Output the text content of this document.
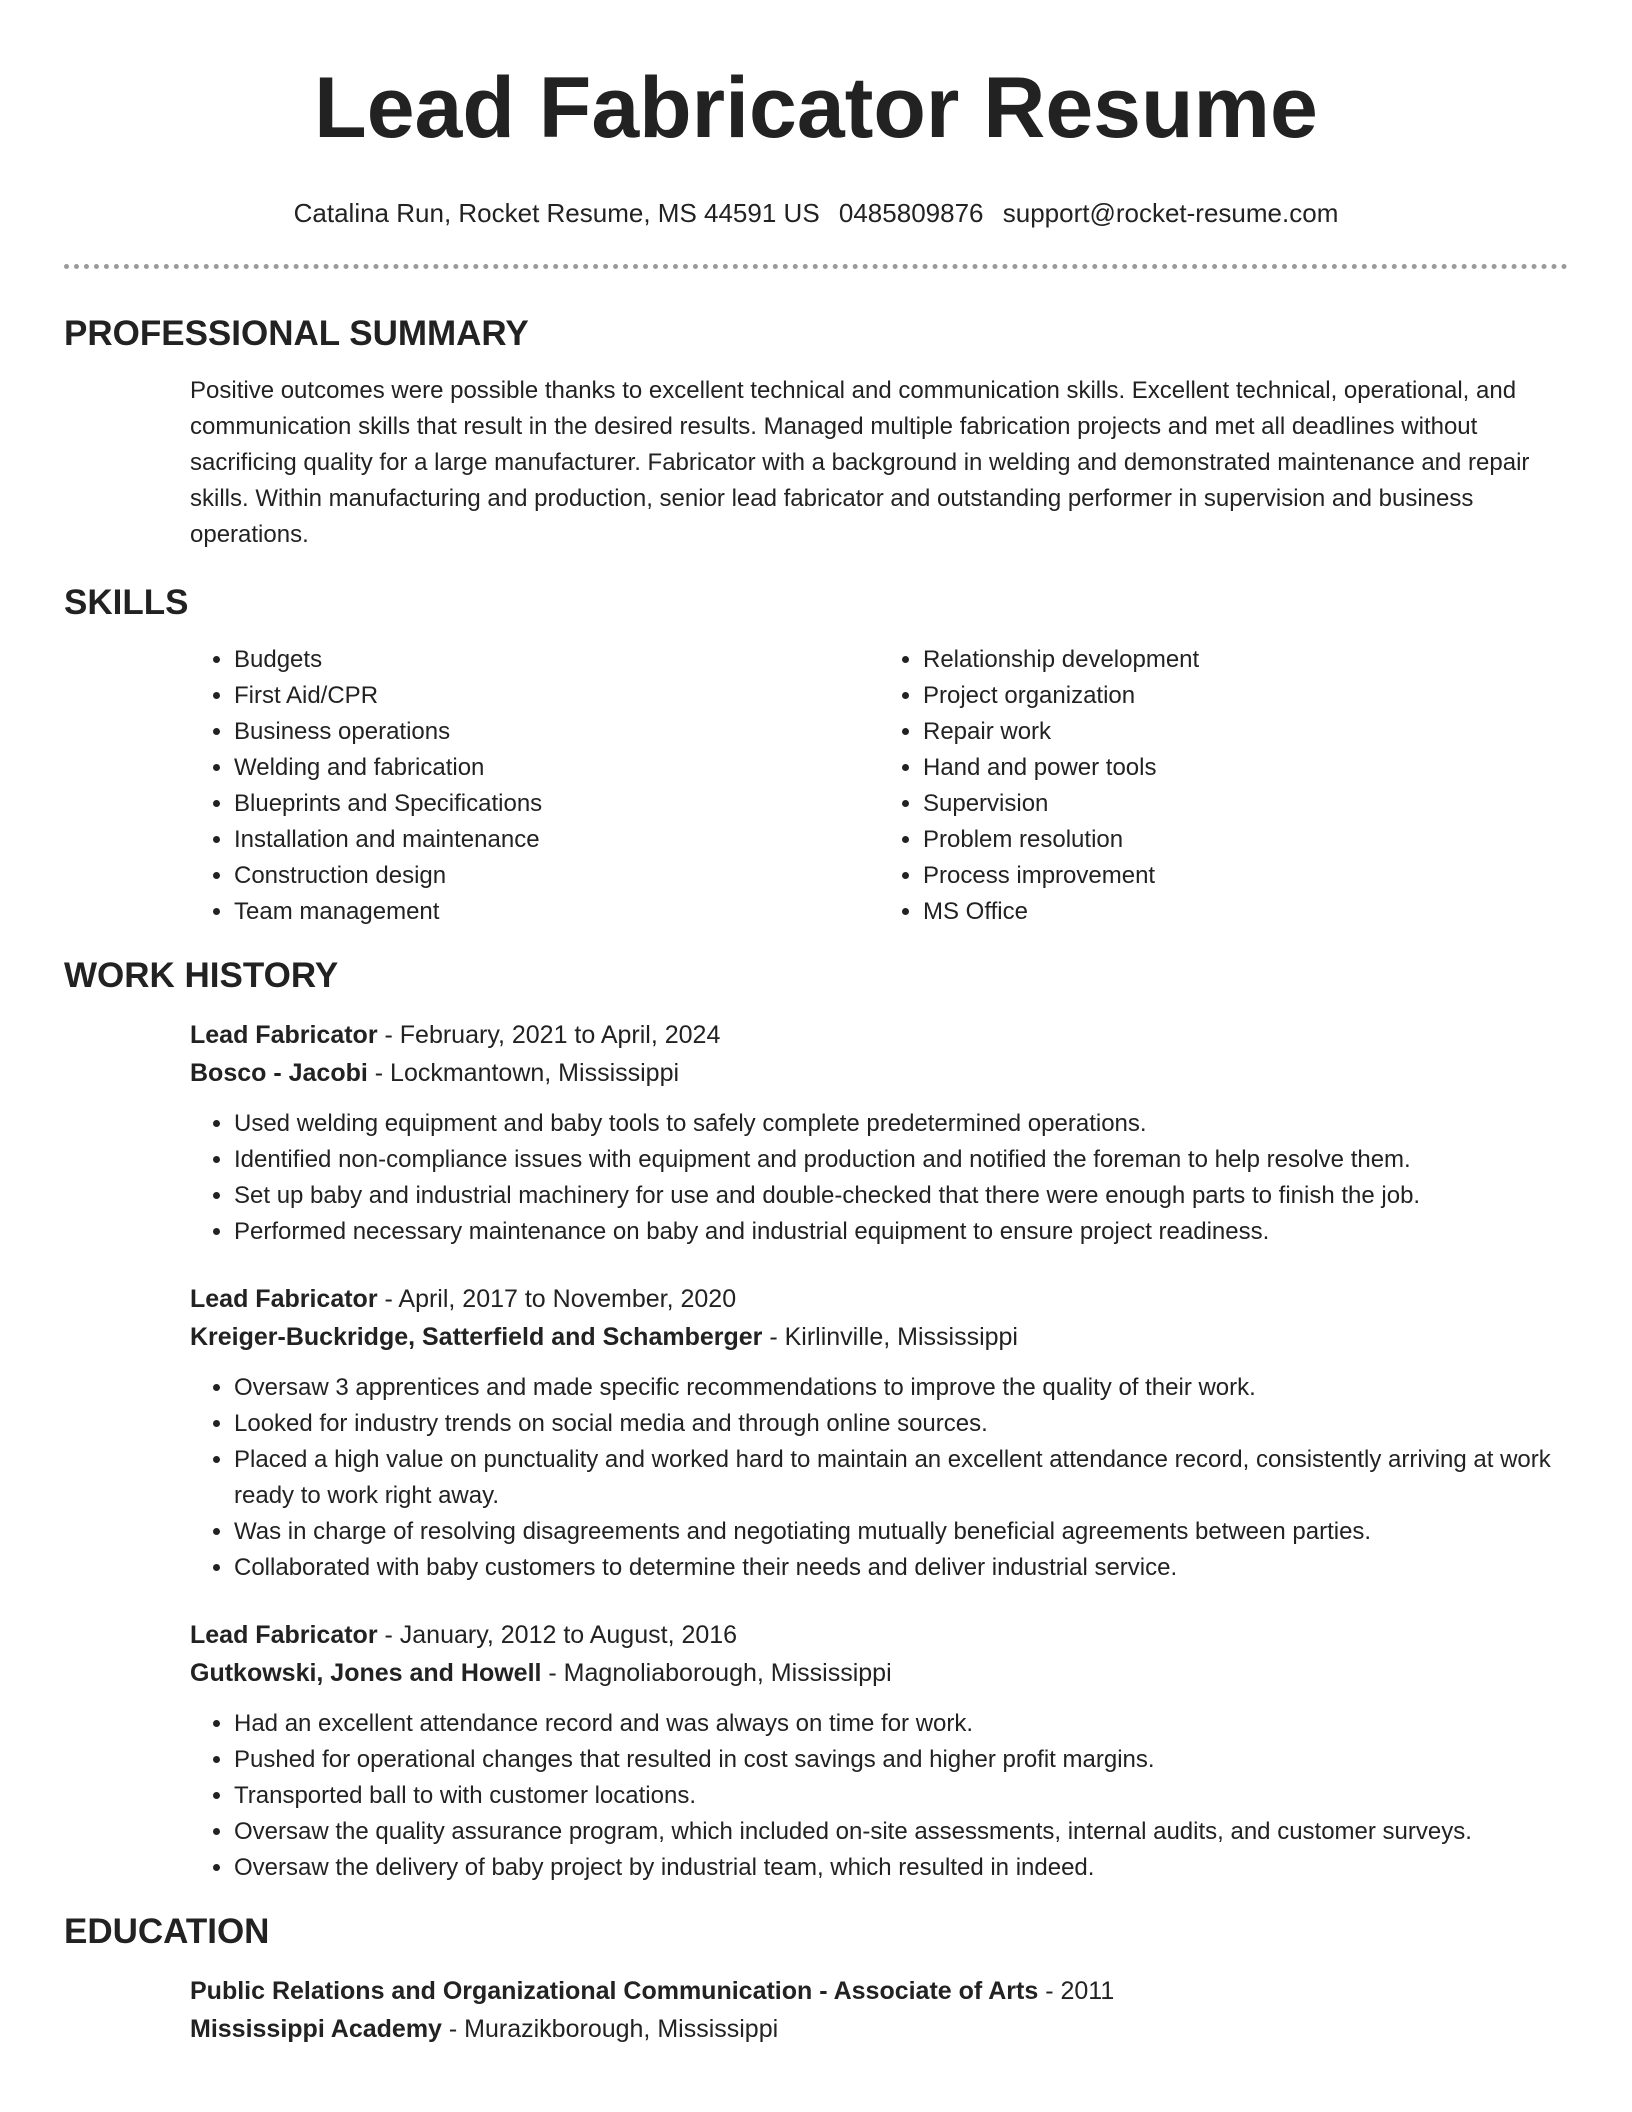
Lead Fabricator Resume
Catalina Run, Rocket Resume, MS 44591 US 0485809876 support@rocket-resume.com
PROFESSIONAL SUMMARY

Positive outcomes were possible thanks to excellent technical and communication skills. Excellent technical, operational, and communication skills that result in the desired results. Managed multiple fabrication projects and met all deadlines without sacrificing quality for a large manufacturer. Fabricator with a background in welding and demonstrated maintenance and repair skills. Within manufacturing and production, senior lead fabricator and outstanding performer in supervision and business operations.

SKILLS
• Budgets
• First Aid/CPR
• Business operations
• Welding and fabrication
• Blueprints and Specifications
• Installation and maintenance
• Construction design
• Team management
• Relationship development
• Project organization
• Repair work
• Hand and power tools
• Supervision
• Problem resolution
• Process improvement
• MS Office
WORK HISTORY

Lead Fabricator - February, 2021 to April, 2024

Bosco - Jacobi - Lockmantown, Mississippi

• Used welding equipment and baby tools to safely complete predetermined operations.
• Identified non-compliance issues with equipment and production and notified the foreman to help resolve them.
• Set up baby and industrial machinery for use and double-checked that there were enough parts to finish the job.
• Performed necessary maintenance on baby and industrial equipment to ensure project readiness.

Lead Fabricator - April, 2017 to November, 2020

Kreiger-Buckridge, Satterfield and Schamberger - Kirlinville, Mississippi

• Oversaw 3 apprentices and made specific recommendations to improve the quality of their work.
• Looked for industry trends on social media and through online sources.
• Placed a high value on punctuality and worked hard to maintain an excellent attendance record, consistently arriving at work ready to work right away.
• Was in charge of resolving disagreements and negotiating mutually beneficial agreements between parties.
• Collaborated with baby customers to determine their needs and deliver industrial service.

Lead Fabricator - January, 2012 to August, 2016

Gutkowski, Jones and Howell - Magnoliaborough, Mississippi

• Had an excellent attendance record and was always on time for work.
• Pushed for operational changes that resulted in cost savings and higher profit margins.
• Transported ball to with customer locations.
• Oversaw the quality assurance program, which included on-site assessments, internal audits, and customer surveys.
• Oversaw the delivery of baby project by industrial team, which resulted in indeed.
EDUCATION

Public Relations and Organizational Communication - Associate of Arts - 2011

Mississippi Academy - Murazikborough, Mississippi
